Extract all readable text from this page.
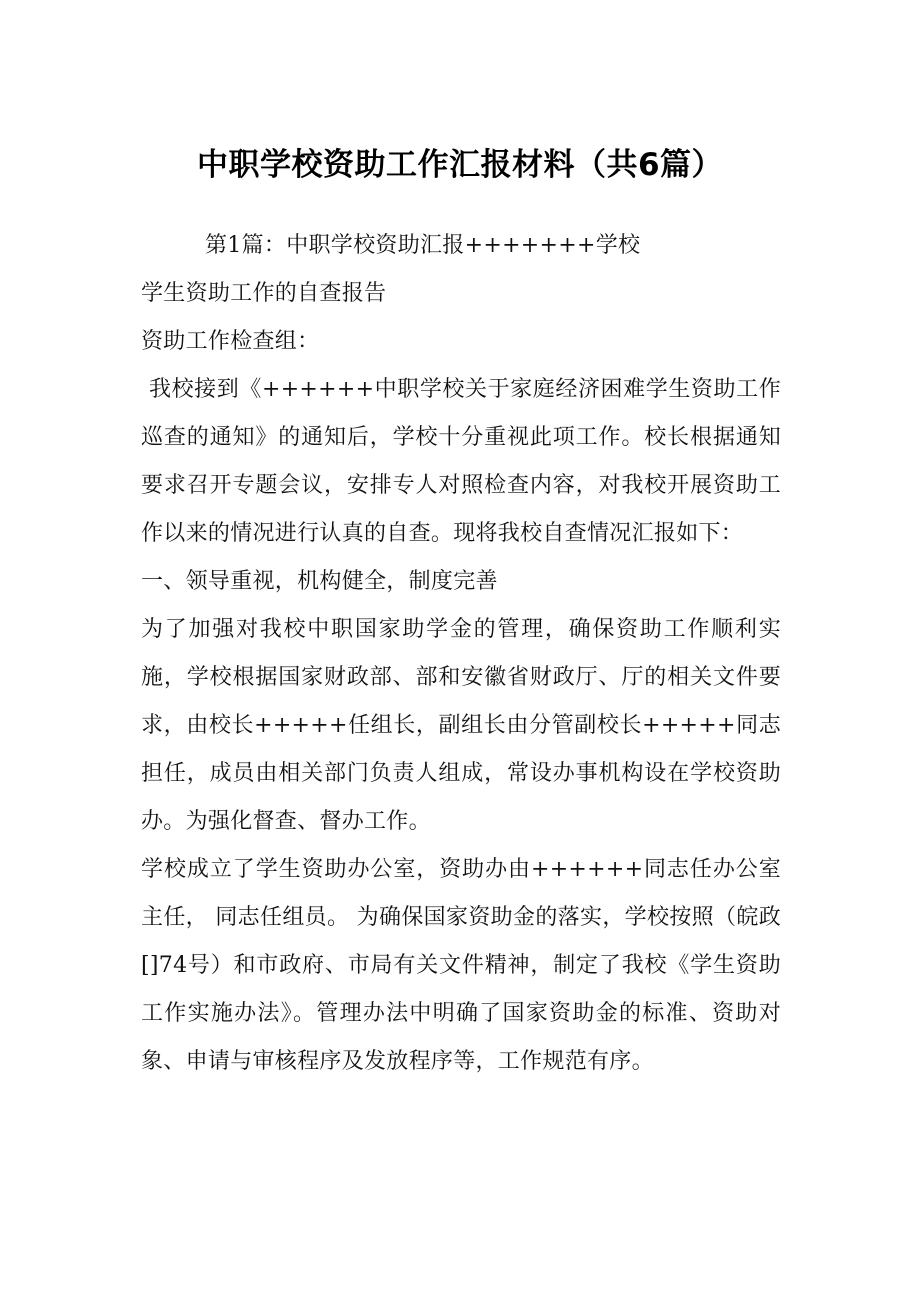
中职学校资助工作汇报材料（共6篇）

第1篇：中职学校资助汇报+++++++学校

学生资助工作的自查报告

资助工作检查组：

我校接到《++++++中职学校关于家庭经济困难学生资助工作巡查的通知》的通知后，学校十分重视此项工作。校长根据通知要求召开专题会议，安排专人对照检查内容，对我校开展资助工作以来的情况进行认真的自查。现将我校自查情况汇报如下：

一、领导重视，机构健全，制度完善

为了加强对我校中职国家助学金的管理，确保资助工作顺利实施，学校根据国家财政部、部和安徽省财政厅、厅的相关文件要求，由校长+++++任组长，副组长由分管副校长+++++同志担任，成员由相关部门负责人组成，常设办事机构设在学校资助办。为强化督查、督办工作。

学校成立了学生资助办公室，资助办由++++++同志任办公室主任， 同志任组员。 为确保国家资助金的落实，学校按照（皖政[]74号）和市政府、市局有关文件精神，制定了我校《学生资助工作实施办法》。管理办法中明确了国家资助金的标准、资助对象、申请与审核程序及发放程序等，工作规范有序。
